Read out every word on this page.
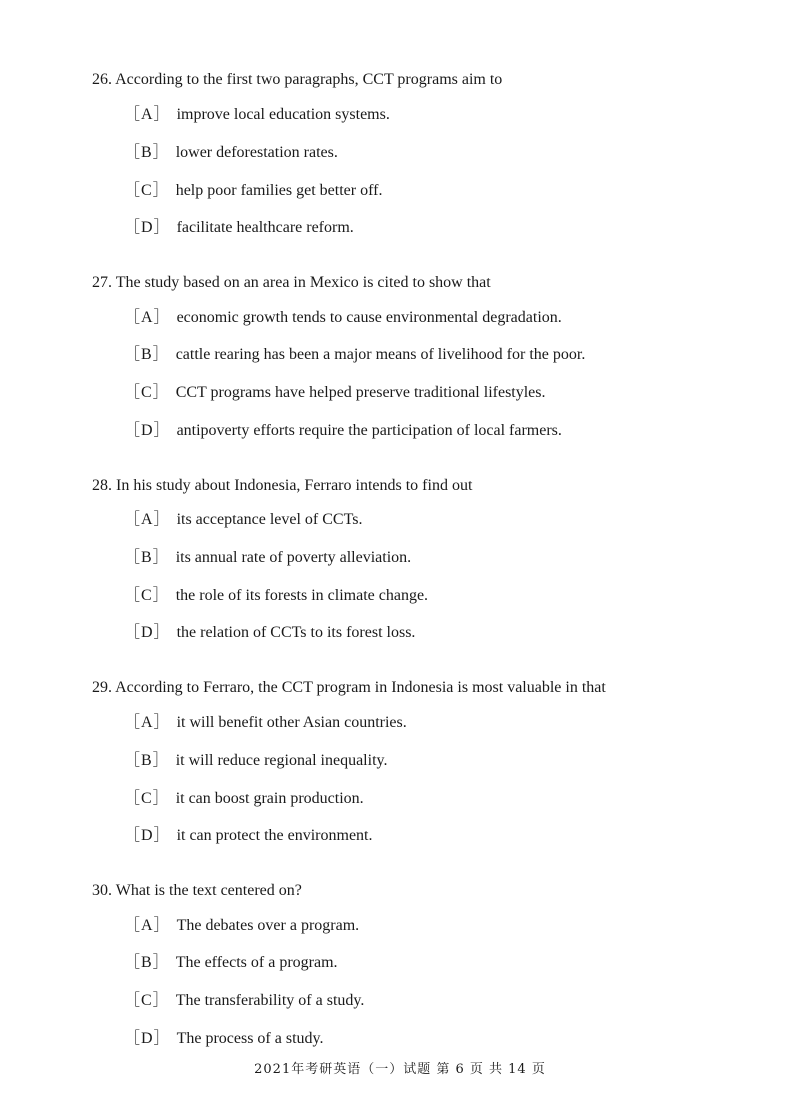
26. According to the first two paragraphs, CCT programs aim to
［A］ improve local education systems.
［B］ lower deforestation rates.
［C］ help poor families get better off.
［D］ facilitate healthcare reform.
27. The study based on an area in Mexico is cited to show that
［A］ economic growth tends to cause environmental degradation.
［B］ cattle rearing has been a major means of livelihood for the poor.
［C］ CCT programs have helped preserve traditional lifestyles.
［D］ antipoverty efforts require the participation of local farmers.
28. In his study about Indonesia, Ferraro intends to find out
［A］ its acceptance level of CCTs.
［B］ its annual rate of poverty alleviation.
［C］ the role of its forests in climate change.
［D］ the relation of CCTs to its forest loss.
29. According to Ferraro, the CCT program in Indonesia is most valuable in that
［A］ it will benefit other Asian countries.
［B］ it will reduce regional inequality.
［C］ it can boost grain production.
［D］ it can protect the environment.
30. What is the text centered on?
［A］ The debates over a program.
［B］ The effects of a program.
［C］ The transferability of a study.
［D］ The process of a study.
2021年考研英语（一）试题 第 6 页 共 14 页
